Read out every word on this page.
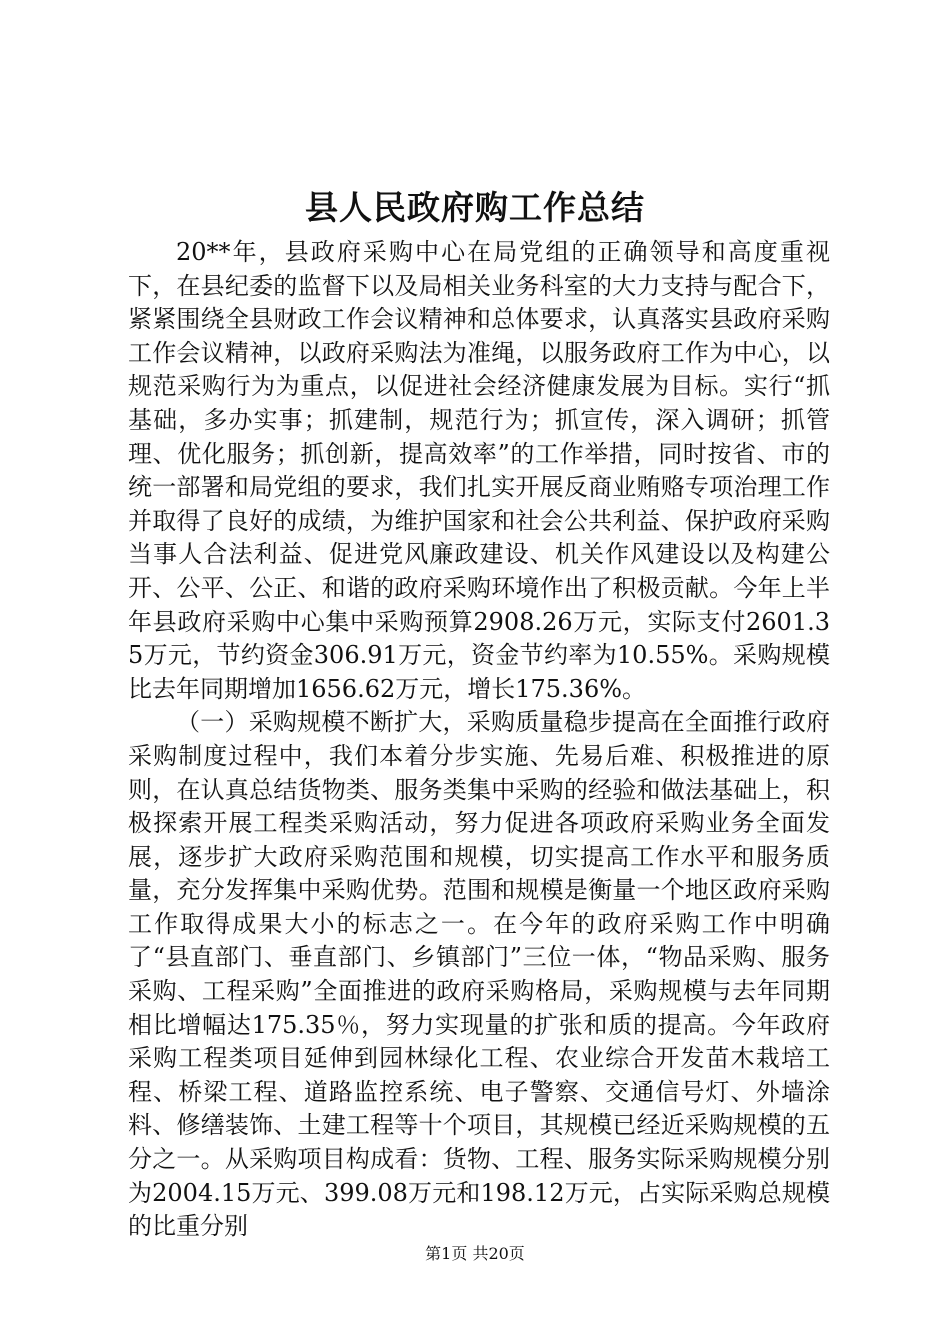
县人民政府购工作总结

20**年，县政府采购中心在局党组的正确领导和高度重视下，在县纪委的监督下以及局相关业务科室的大力支持与配合下，紧紧围绕全县财政工作会议精神和总体要求，认真落实县政府采购工作会议精神，以政府采购法为准绳，以服务政府工作为中心，以规范采购行为为重点，以促进社会经济健康发展为目标。实行“抓基础，多办实事；抓建制，规范行为；抓宣传，深入调研；抓管理、优化服务；抓创新，提高效率”的工作举措，同时按省、市的统一部署和局党组的要求，我们扎实开展反商业贿赂专项治理工作并取得了良好的成绩，为维护国家和社会公共利益、保护政府采购当事人合法利益、促进党风廉政建设、机关作风建设以及构建公开、公平、公正、和谐的政府采购环境作出了积极贡献。今年上半年县政府采购中心集中采购预算2908.26万元，实际支付2601.35万元，节约资金306.91万元，资金节约率为10.55%。采购规模比去年同期增加1656.62万元，增长175.36%。

（一）采购规模不断扩大，采购质量稳步提高在全面推行政府采购制度过程中，我们本着分步实施、先易后难、积极推进的原则，在认真总结货物类、服务类集中采购的经验和做法基础上，积极探索开展工程类采购活动，努力促进各项政府采购业务全面发展，逐步扩大政府采购范围和规模，切实提高工作水平和服务质量，充分发挥集中采购优势。范围和规模是衡量一个地区政府采购工作取得成果大小的标志之一。在今年的政府采购工作中明确了“县直部门、垂直部门、乡镇部门”三位一体，“物品采购、服务采购、工程采购”全面推进的政府采购格局，采购规模与去年同期相比增幅达175.35％，努力实现量的扩张和质的提高。今年政府采购工程类项目延伸到园林绿化工程、农业综合开发苗木栽培工程、桥梁工程、道路监控系统、电子警察、交通信号灯、外墙涂料、修缮装饰、土建工程等十个项目，其规模已经近采购规模的五分之一。从采购项目构成看：货物、工程、服务实际采购规模分别为2004.15万元、399.08万元和198.12万元，占实际采购总规模的比重分别

第1页 共20页
